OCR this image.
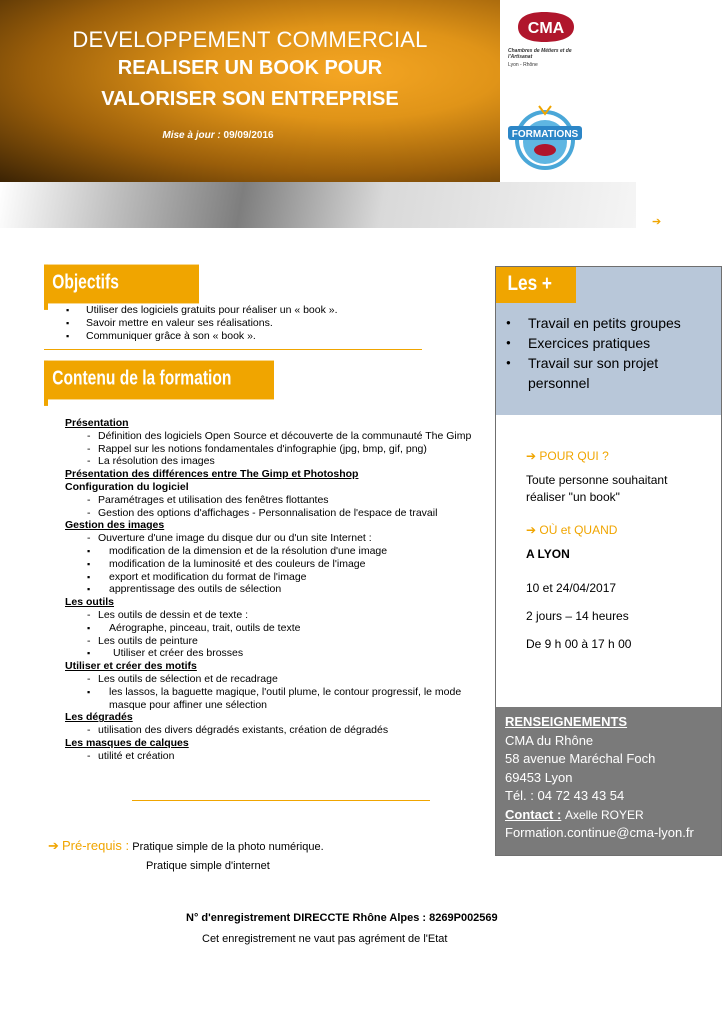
DEVELOPPEMENT COMMERCIAL
REALISER UN BOOK POUR
VALORISER SON ENTREPRISE
Mise à jour : 09/09/2016
CMA
Chambres de Métiers et de l'Artisanat
Lyon - Rhône
FORMATIONS
➔
Objectifs
▪ Utiliser des logiciels gratuits pour réaliser un « book ».
▪ Savoir mettre en valeur ses réalisations.
▪ Communiquer grâce à son « book ».
Contenu de la formation
Présentation
- Définition des logiciels Open Source et découverte de la communauté The Gimp
- Rappel sur les notions fondamentales d'infographie (jpg, bmp, gif, png)
- La résolution des images
Présentation des différences entre The Gimp et Photoshop
Configuration du logiciel
- Paramétrages et utilisation des fenêtres flottantes
- Gestion des options d'affichages - Personnalisation de l'espace de travail
Gestion des images
- Ouverture d'une image du disque dur ou d'un site Internet :
▪ modification de la dimension et de la résolution d'une image
▪ modification de la luminosité et des couleurs de l'image
▪ export et modification du format de l'image
▪ apprentissage des outils de sélection
Les outils
- Les outils de dessin et de texte :
▪ Aérographe, pinceau, trait, outils de texte
- Les outils de peinture
▪ Utiliser et créer des brosses
Utiliser et créer des motifs
- Les outils de sélection et de recadrage
▪ les lassos, la baguette magique, l'outil plume, le contour progressif, le mode masque pour affiner une sélection
Les dégradés
- utilisation des divers dégradés existants, création de dégradés
Les masques de calques
- utilité et création
➔ Pré-requis : Pratique simple de la photo numérique.
Pratique simple d'internet
N° d'enregistrement DIRECCTE Rhône Alpes : 8269P002569
Cet enregistrement ne vaut pas agrément de l'Etat
Les +
● Travail en petits groupes
● Exercices pratiques
● Travail sur son projet personnel
➔ POUR QUI ?
Toute personne souhaitant réaliser "un book"
➔ OÙ et QUAND
A LYON
10 et 24/04/2017
2 jours – 14 heures
De 9 h 00 à 17 h 00
RENSEIGNEMENTS
CMA du Rhône
58 avenue Maréchal Foch
69453 Lyon
Tél. : 04 72 43 43 54
Contact : Axelle ROYER
Formation.continue@cma-lyon.fr
